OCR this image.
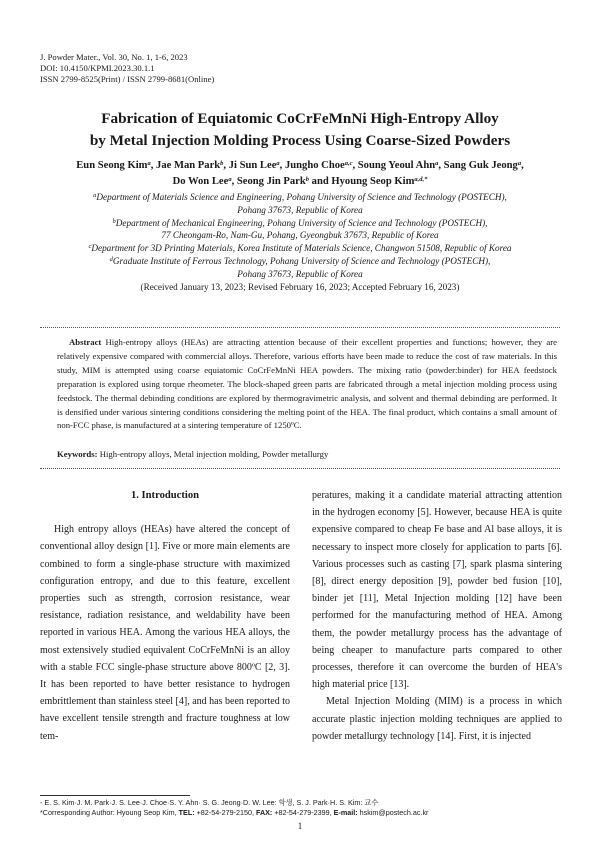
J. Powder Mater., Vol. 30, No. 1, 1-6, 2023
DOI: 10.4150/KPMI.2023.30.1.1
ISSN 2799-8525(Print) / ISSN 2799-8681(Online)
Fabrication of Equiatomic CoCrFeMnNi High-Entropy Alloy
by Metal Injection Molding Process Using Coarse-Sized Powders
Eun Seong Kim$^a$, Jae Man Park$^b$, Ji Sun Lee$^a$, Jungho Choe$^{a,c}$, Soung Yeoul Ahn$^a$, Sang Guk Jeong$^a$,
Do Won Lee$^a$, Seong Jin Park$^b$ and Hyoung Seop Kim$^{a,d,*}$
$^a$Department of Materials Science and Engineering, Pohang University of Science and Technology (POSTECH),
Pohang 37673, Republic of Korea
$^b$Department of Mechanical Engineering, Pohang University of Science and Technology (POSTECH),
77 Cheongam-Ro, Nam-Gu, Pohang, Gyeongbuk 37673, Republic of Korea
$^c$Department for 3D Printing Materials, Korea Institute of Materials Science, Changwon 51508, Republic of Korea
$^d$Graduate Institute of Ferrous Technology, Pohang University of Science and Technology (POSTECH),
Pohang 37673, Republic of Korea
(Received January 13, 2023; Revised February 16, 2023; Accepted February 16, 2023)
Abstract High-entropy alloys (HEAs) are attracting attention because of their excellent properties and functions; however, they are relatively expensive compared with commercial alloys. Therefore, various efforts have been made to reduce the cost of raw materials. In this study, MIM is attempted using coarse equiatomic CoCrFeMnNi HEA powders. The mixing ratio (powder:binder) for HEA feedstock preparation is explored using torque rheometer. The block-shaped green parts are fabricated through a metal injection molding process using feedstock. The thermal debinding conditions are explored by thermogravimetric analysis, and solvent and thermal debinding are performed. It is densified under various sintering conditions considering the melting point of the HEA. The final product, which contains a small amount of non-FCC phase, is manufactured at a sintering temperature of 1250ºC.
Keywords: High-entropy alloys, Metal injection molding, Powder metallurgy
1. Introduction

High entropy alloys (HEAs) have altered the concept of conventional alloy design [1]. Five or more main elements are combined to form a single-phase structure with maximized configuration entropy, and due to this feature, excellent properties such as strength, corrosion resistance, wear resistance, radiation resistance, and weldability have been reported in various HEA. Among the various HEA alloys, the most extensively studied equivalent CoCrFeMnNi is an alloy with a stable FCC single-phase structure above 800ºC [2, 3]. It has been reported to have better resistance to hydrogen embrittlement than stainless steel [4], and has been reported to have excellent tensile strength and fracture toughness at low tem-

peratures, making it a candidate material attracting attention in the hydrogen economy [5]. However, because HEA is quite expensive compared to cheap Fe base and Al base alloys, it is necessary to inspect more closely for application to parts [6]. Various processes such as casting [7], spark plasma sintering [8], direct energy deposition [9], powder bed fusion [10], binder jet [11], Metal Injection molding [12] have been performed for the manufacturing method of HEA. Among them, the powder metallurgy process has the advantage of being cheaper to manufacture parts compared to other processes, therefore it can overcome the burden of HEA's high material price [13].

Metal Injection Molding (MIM) is a process in which accurate plastic injection molding techniques are applied to powder metallurgy technology [14]. First, it is injected

- E. S. Kim·J. M. Park·J. S. Lee·J. Choe·S. Y. Ahn· S. G. Jeong·D. W. Lee: 학생, S. J. Park·H. S. Kim: 교수
*Corresponding Author: Hyoung Seop Kim, TEL: +82-54-279-2150, FAX: +82-54-279-2399, E-mail: hskim@postech.ac.kr
1
